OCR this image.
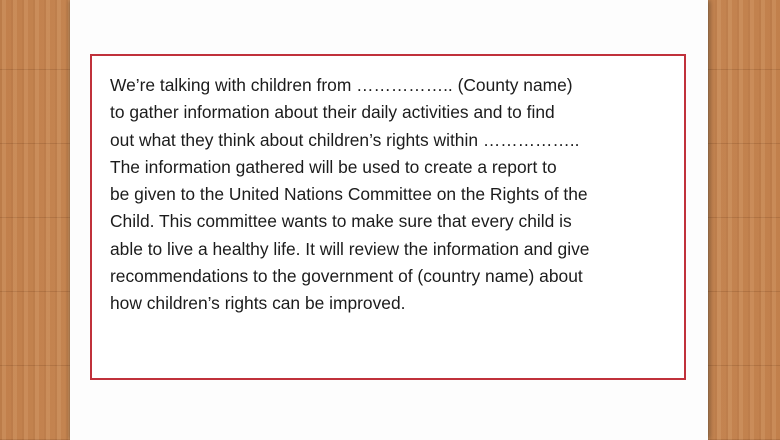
We’re talking with children from …………….. (County name)
to gather information about their daily activities and to find
out what they think about children’s rights within ……………..
The information gathered will be used to create a report to
be given to the United Nations Committee on the Rights of the
Child. This committee wants to make sure that every child is
able to live a healthy life. It will review the information and give
recommendations to the government of (country name) about
how children’s rights can be improved.
